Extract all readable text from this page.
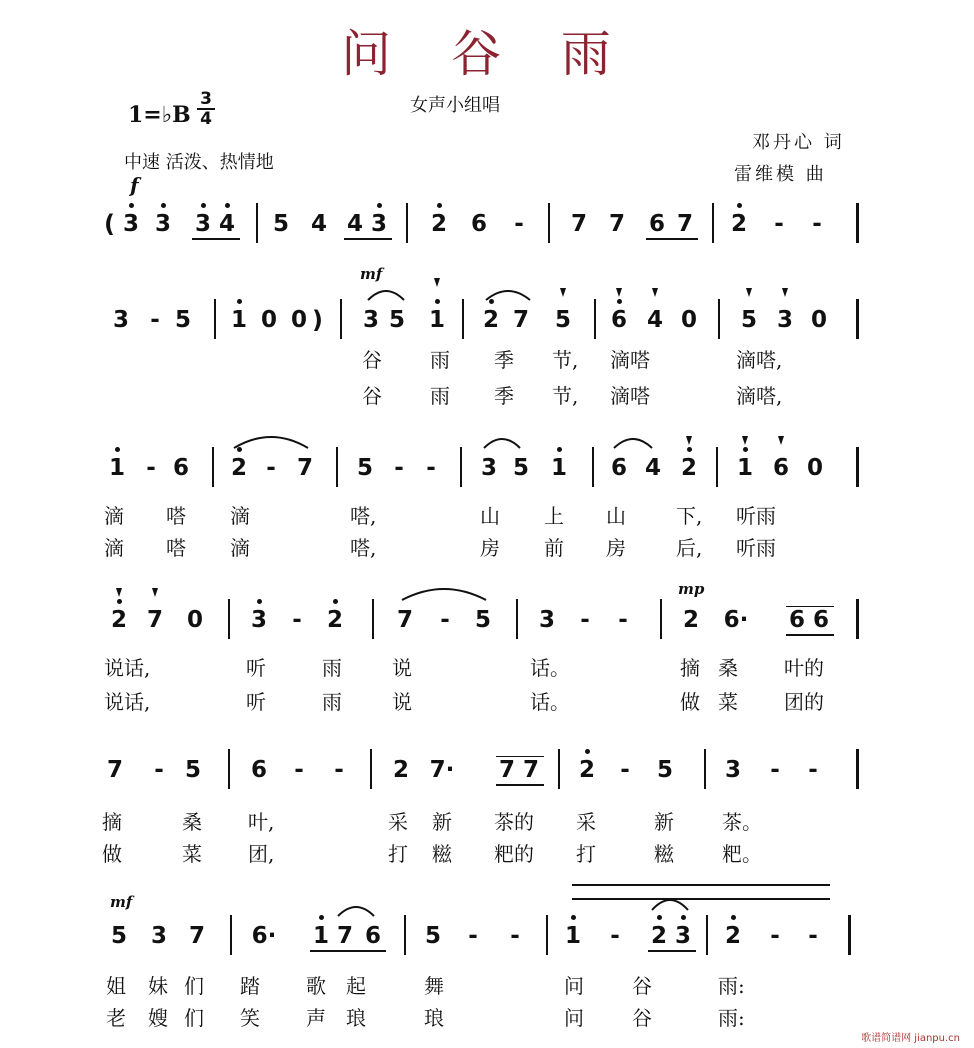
问 谷 雨
1=♭B $\frac{3}{4}$	女声小组唱
中速 活泼、热情地
邓丹心 词
雷维模 曲
f
( 3 3 3 4 5 4 4 3 2 6	-	7 7 6 7 2	-	-
mf
3 - 5 1 0 0 ) 3 5 1 2 7 5 6 4 0 5 3 0
谷 雨 季 节, 滴嗒	滴嗒,
谷 雨 季 节, 滴嗒	滴嗒,
1 - 6 2 - 7 5 - -	3 5 1 6 4 2 1 6 0
滴 嗒 滴	嗒,	山 上 山	下, 听雨
滴 嗒 滴	嗒,	房 前 房	后, 听雨
mp
2 7 0 3	-	2 7	-	5 3	-	-	2 6· 6 6
说话,	听	雨	说	话。	摘 桑 叶的
说话,	听	雨	说	话。	做 菜 团的
7	- 5 6	-	-	2 7· 7 7 2	-	5 3	-	-
摘	桑 叶,	采 新 茶的 采	新 茶。
做	菜 团,	打 糍 粑的 打	糍 粑。
mf
5 3 7 6· 1 7 6 5	-	-	1	-	2 3 2	-	-
姐 妹 们 踏 歌 起	舞	问 谷	雨:
老 嫂 们 笑 声 琅	琅	问 谷	雨:
歌谱简谱网 jianpu.cn
